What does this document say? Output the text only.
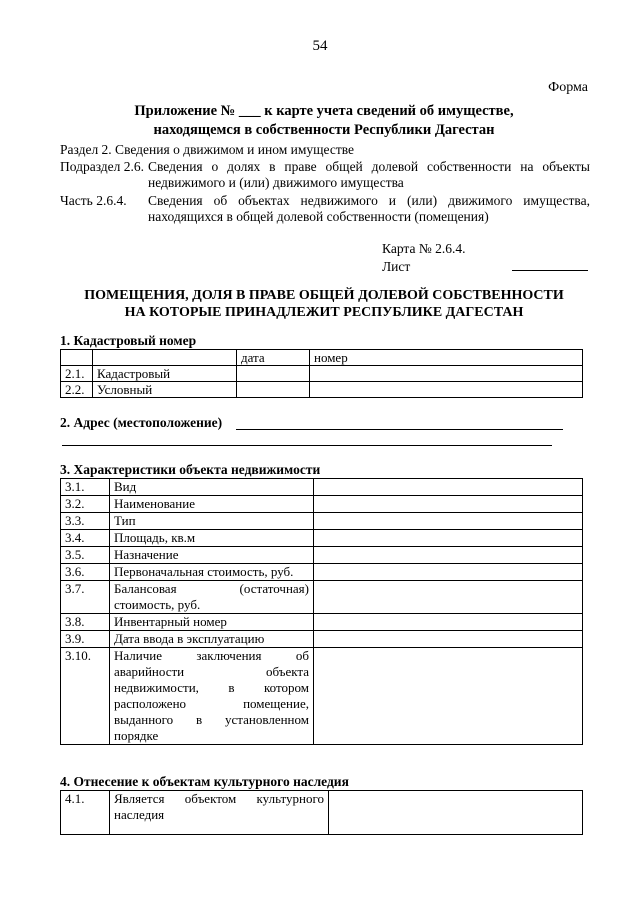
54
Форма
Приложение № ___ к карте учета сведений об имуществе,
находящемся в собственности Республики Дагестан
Раздел 2. Сведения о движимом и ином имуществе
Подраздел 2.6. Сведения о долях в праве общей долевой собственности на объекты недвижимого и (или) движимого имущества
Часть 2.6.4.	Сведения об объектах недвижимого и (или) движимого имущества, находящихся в общей долевой собственности (помещения)
Карта № 2.6.4.
Лист
ПОМЕЩЕНИЯ, ДОЛЯ В ПРАВЕ ОБЩЕЙ ДОЛЕВОЙ СОБСТВЕННОСТИ
НА КОТОРЫЕ ПРИНАДЛЕЖИТ РЕСПУБЛИКЕ ДАГЕСТАН
1. Кадастровый номер
		дата	номер
2.1.	Кадастровый		
2.2.	Условный		
2. Адрес (местоположение)
3. Характеристики объекта недвижимости
3.1.	Вид	
3.2.	Наименование	
3.3.	Тип	
3.4.	Площадь, кв.м	
3.5.	Назначение	
3.6.	Первоначальная стоимость, руб.	
3.7.	Балансовая (остаточная) стоимость, руб.	
3.8.	Инвентарный номер	
3.9.	Дата ввода в эксплуатацию	
3.10.	Наличие заключения об аварийности объекта недвижимости, в котором расположено помещение, выданного в установленном порядке	
4. Отнесение к объектам культурного наследия
4.1.	Является объектом культурного наследия	
